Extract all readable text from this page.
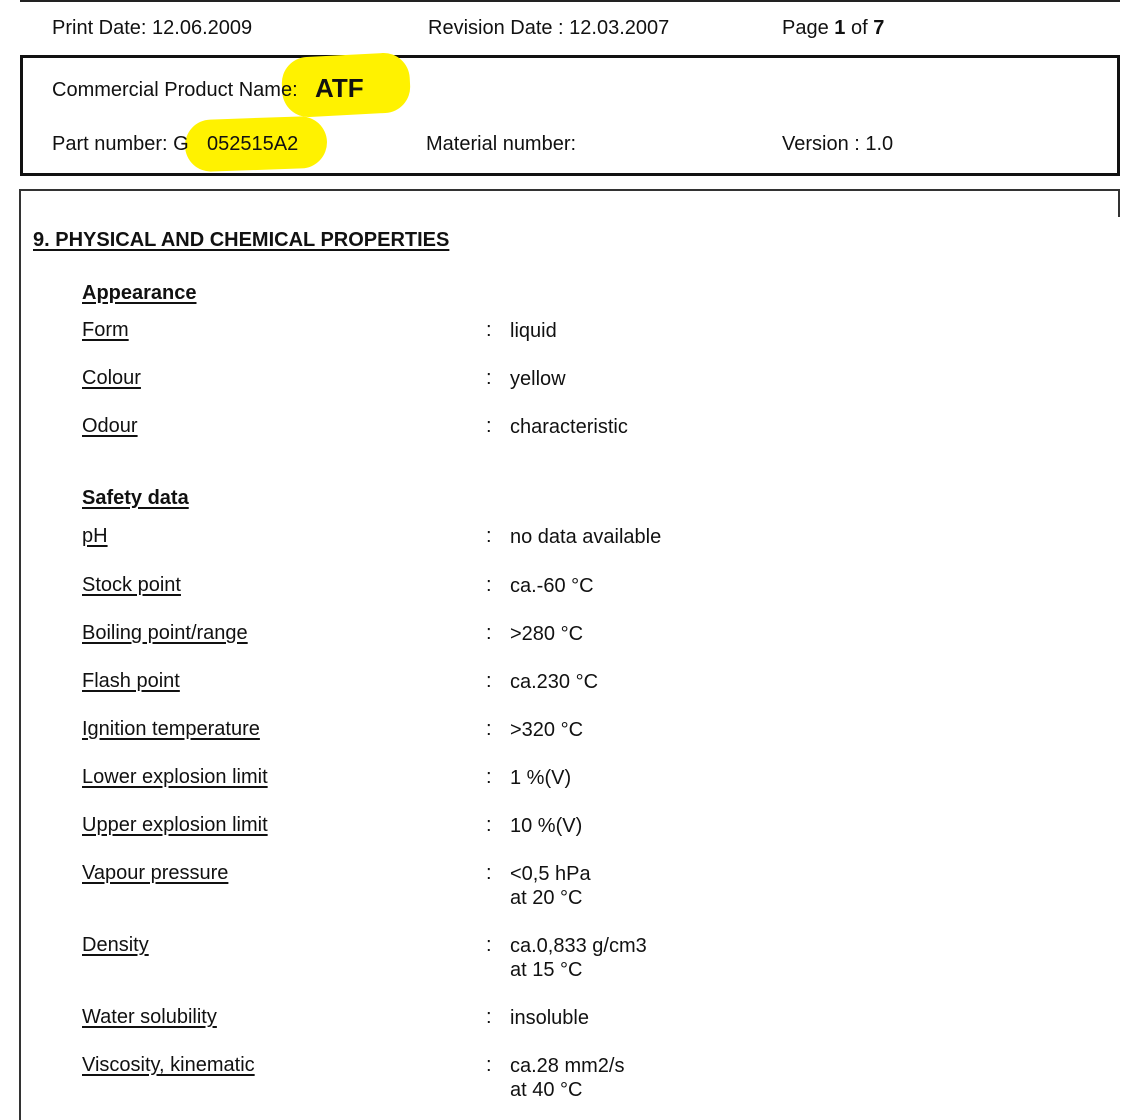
Print Date: 12.06.2009	Revision Date : 12.03.2007	Page 1 of 7
Commercial Product Name: ATF
Part number: G 052515A2	Material number:	Version : 1.0
9. PHYSICAL AND CHEMICAL PROPERTIES
Appearance
Form	: liquid
Colour	: yellow
Odour	: characteristic
Safety data
pH	: no data available
Stock point	: ca.-60 °C
Boiling point/range	: >280 °C
Flash point	: ca.230 °C
Ignition temperature	: >320 °C
Lower explosion limit	: 1 %(V)
Upper explosion limit	: 10 %(V)
Vapour pressure	: <0,5 hPa
at 20 °C
Density	: ca.0,833 g/cm3
at 15 °C
Water solubility	: insoluble
Viscosity, kinematic	: ca.28 mm2/s
at 40 °C
